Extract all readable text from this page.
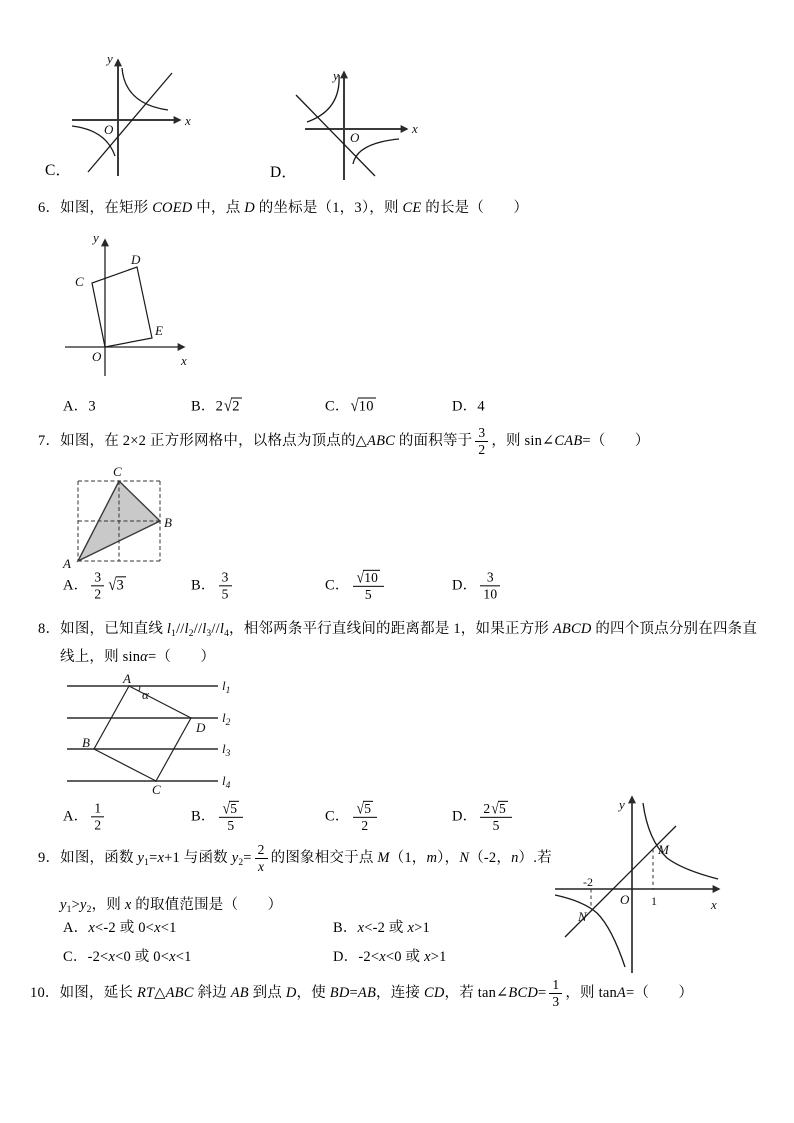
C．	D．
y
x
O
y
x
O
6．如图，在矩形 COED 中，点 D 的坐标是（1，3），则 CE 的长是（　　）
y
x
O
C
D
E
A．3	B．2√2	C．√10	D．4
7．如图，在 2×2 正方形网格中，以格点为顶点的△ABC 的面积等于 $\frac{3}{2}$ ，则 sin∠CAB=（　　）
A
B
C
A． $\frac{3}{2} √3$	B． $\frac{3}{5}$	C． $\frac{√10}{5}$	D． $\frac{3}{10}$
8．如图，已知直线 $l_1//l_2//l_3//l_4$，相邻两条平行直线间的距离都是 1，如果正方形 ABCD 的四个顶点分别在四条直
线上，则 sinα=（　　）
A
D
B
C
α
$l_1$
$l_2$
$l_3$
$l_4$
A． $\frac{1}{2}$	B． $\frac{√5}{5}$	C． $\frac{√5}{2}$	D． $\frac{2√5}{5}$
9．如图，函数 $y_1=x+1$ 与函数 $y_2= \frac{2}{x}$ 的图象相交于点 M（1，m），N（-2，n）.若
$y_1>y_2$，则 x 的取值范围是（　　）
y
x
O
M
N
1
-2
A．x<-2 或 0<x<1	B．x<-2 或 x>1
C．-2<x<0 或 0<x<1	D．-2<x<0 或 x>1
10．如图，延长 RT△ABC 斜边 AB 到点 D，使 BD=AB，连接 CD，若 tan∠BCD= $\frac{1}{3}$ ，则 tanA=（　　）
